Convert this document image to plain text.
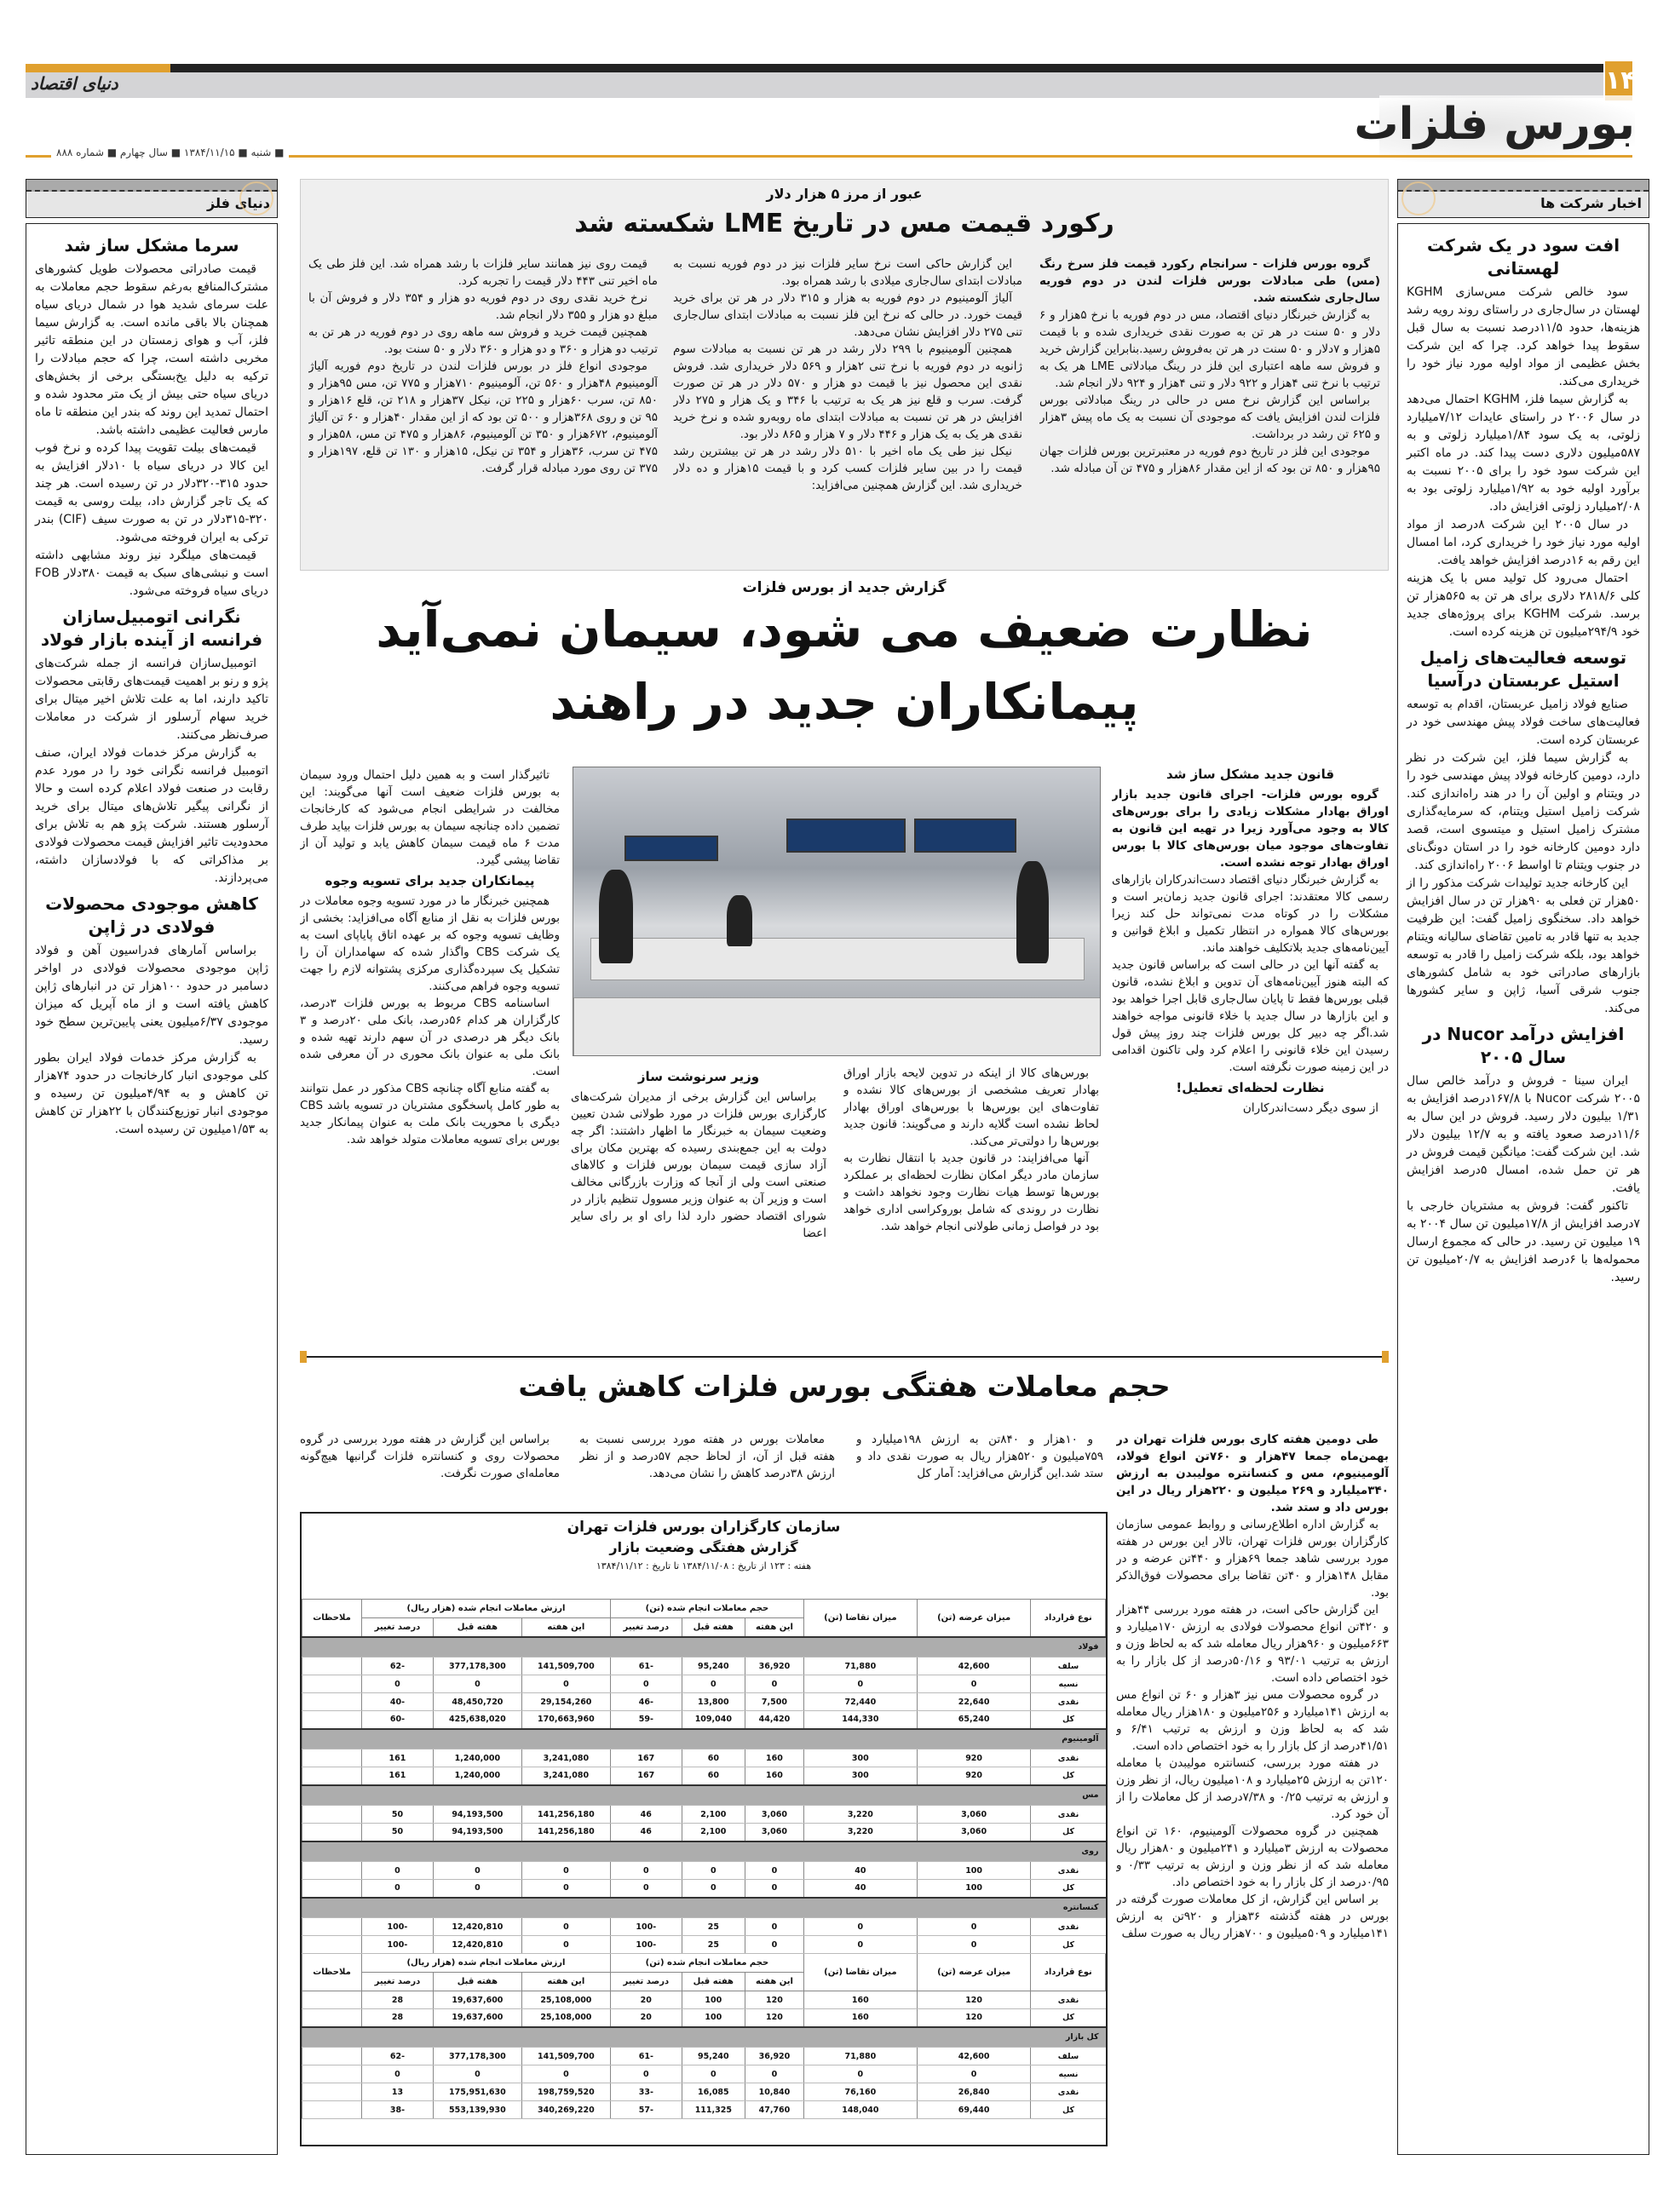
۱۴
دنیای اقتصاد
بورس فلزات
■ شنبه ■ ۱۳۸۴/۱۱/۱۵ ■ سال چهارم ■ شماره ۸۸۸
اخبار شرکت ها
افت سود در یک شرکت لهستانی

سود خالص شرکت مس‌سازی KGHM لهستان در سال‌جاری در راستای روند رویه رشد هزینه‌ها، حدود ۱۱/۵درصد نسبت به سال قبل سقوط پیدا خواهد کرد. چرا که این شرکت بخش عظیمی از مواد اولیه مورد نیاز خود را خریداری می‌کند.

به گزارش سیما فلز، KGHM احتمال می‌دهد در سال ۲۰۰۶ در راستای عایدات ۷/۱۲میلیارد زلوتی، به یک سود ۱/۸۴میلیارد زلوتی و به ۵۸۷میلیون دلاری دست پیدا کند. در ماه اکتبر این شرکت سود خود را برای ۲۰۰۵ نسبت به برآورد اولیه خود به ۱/۹۲میلیارد زلوتی بود به ۲/۰۸میلیارد زلوتی افزایش داد.

در سال ۲۰۰۵ این شرکت ۸درصد از مواد اولیه مورد نیاز خود را خریداری کرد، اما امسال این رقم به ۱۶درصد افزایش خواهد یافت.

احتمال می‌رود کل تولید مس با یک هزینه کلی ۲۸۱۸/۶ دلاری برای هر تن به ۵۶۵هزار تن برسد. شرکت KGHM برای پروژه‌های جدید خود ۲۹۴/۹میلیون تن هزینه کرده است.

توسعه فعالیت‌های زامیل استیل عربستان درآسیا

صنایع فولاد زامیل عربستان، اقدام به توسعه فعالیت‌های ساخت فولاد پیش مهندسی خود در عربستان کرده است.

به گزارش سیما فلز، این شرکت در نظر دارد، دومین کارخانه فولاد پیش مهندسی خود را در ویتنام و اولین آن را در هند راه‌اندازی کند. شرکت زامیل استیل ویتنام، که سرمایه‌گذاری مشترک زامیل استیل و میتسوی است، قصد دارد دومین کارخانه خود را در استان دونگ‌نای در جنوب ویتنام تا اواسط ۲۰۰۶ راه‌اندازی کند.

این کارخانه جدید تولیدات شرکت مذکور را از ۵۰هزار تن فعلی به ۹۰هزار تن در سال افزایش خواهد داد. سخنگوی زامیل گفت: این ظرفیت جدید به تنها قادر به تامین تقاضای ساليانه ويتنام خواهد بود، بلکه شرکت زامیل را قادر به توسعه بازارهای صادراتی خود به شامل کشورهای جنوب شرقی آسیا، ژاپن و سایر کشورها می‌کند.

افزایش درآمد Nucor در سال ۲۰۰۵

ایران سینا - فروش و درآمد خالص سال ۲۰۰۵ شرکت Nucor با ۱۶۷/۸درصد افزایش به ۱/۳۱ بیلیون دلار رسید. فروش در این سال به ۱۱/۶درصد صعود یافته و به ۱۲/۷ بیلیون دلار شد. این شرکت گفت: میانگین قیمت فروش در هر تن حمل شده، امسال ۵درصد افزایش یافت.

تاکنور گفت: فروش به مشتریان خارجی با ۷درصد افزایش از ۱۷/۸میلیون تن سال ۲۰۰۴ به ۱۹ میلیون تن رسید. در حالی که مجموع ارسال محموله‌ها با ۶درصد افزایش به ۲۰/۷میلیون تن رسید.

دنیای فلز
سرما مشکل ساز شد

قیمت صادراتی محصولات طویل کشورهای مشترک‌المنافع به‌رغم سقوط حجم معاملات به علت سرمای شدید هوا در شمال دریای سیاه همچنان بالا باقی مانده است. به گزارش سیما فلز، آب و هوای زمستان در این منطقه تاثیر مخربی داشته است، چرا که حجم مبادلات را ترکیه به دلیل یخ‌بستگی برخی از بخش‌های دریای سیاه حتی بیش از یک متر محدود شده و احتمال تمدید این روند که بندر این منطقه تا ماه مارس فعالیت عظیمی داشته باشد.

قیمت‌های بیلت تقویت پیدا کرده و نرخ فوب این کالا در دریای سیاه با ۱۰دلار افزایش به حدود ۳۱۵-۳۲۰دلار در تن رسیده است. هر چند که یک تاجر گزارش داد، بیلت روسی به قیمت ۳۲۰-۳۱۵دلار در تن به صورت سیف (CIF) بندر ترکی به ایران فروخته می‌شود.

قیمت‌های میلگرد نیز روند مشابهی داشته است و نبشی‌های سبک به قیمت ۳۸۰دلار FOB دریای سیاه فروخته می‌شود.

نگرانی اتومبیل‌سازان فرانسه از آینده بازار فولاد

اتومبیل‌سازان فرانسه از جمله شرکت‌های پژو و رنو بر اهمیت قیمت‌های رقابتی محصولات تاکید دارند، اما به علت تلاش اخیر میتال برای خرید سهام آرسلور از شرکت در معاملات صرف‌نظر می‌کنند.

به گزارش مرکز خدمات فولاد ایران، صنف اتومبیل فرانسه نگرانی خود را در مورد عدم رقابت در صنعت فولاد اعلام کرده است و حالا از نگرانی پیگیر تلاش‌های میتال برای خرید آرسلور هستند. شرکت پژو هم به تلاش برای محدودیت تاثیر افزایش قیمت محصولات فولادی بر مذاکراتی که با فولادسازان داشته، می‌پردازند.

کاهش موجودی محصولات فولادی در ژاپن

براساس آمارهای فدراسیون آهن و فولاد ژاپن موجودی محصولات فولادی در اواخر دسامبر در حدود ۱۰۰هزار تن در انبارهای ژاپن کاهش یافته است و از ماه آپریل که میزان موجودی ۶/۳۷میلیون یعنی پایین‌ترین سطح خود رسید.

به گزارش مرکز خدمات فولاد ایران بطور کلی موجودی انبار کارخانجات در حدود ۷۴هزار تن کاهش و به ۴/۹۴میلیون تن رسیده و موجودی انبار توزیع‌کنندگان با ۲۲هزار تن کاهش به ۱/۵۳میلیون تن رسیده است.

عبور از مرز ۵ هزار دلار
رکورد قیمت مس در تاریخ LME شکسته شد

گروه بورس فلزات - سرانجام رکورد قیمت فلز سرخ رنگ (مس) طی مبادلات بورس فلزات لندن در دوم فوریه سال‌جاری شکسته شد.

به گزارش خبرنگار دنیای اقتصاد، مس در دوم فوریه با نرخ ۵هزار و ۶ دلار و ۵۰ سنت در هر تن به صورت نقدی خریداری شده و با قیمت ۵هزار و ۷دلار و ۵۰ سنت در هر تن به‌فروش رسید.بنابراین گزارش خرید و فروش سه ماهه اعتباری این فلز در رینگ مبادلاتی LME هر یک به ترتیب با نرخ تنی ۴هزار و ۹۲۲ دلار و تنی ۴هزار و ۹۲۴ دلار انجام شد.

براساس این گزارش نرخ مس در حالی در رینگ مبادلاتی بورس فلزات لندن افزایش یافت که موجودی آن نسبت به یک ماه پیش ۳هزار و ۶۲۵ تن رشد در برداشت.

موجودی این فلز در تاریخ دوم فوریه در معتبرترین بورس فلزات جهان ۹۵هزار و ۸۵۰ تن بود که از این مقدار ۸۶هزار و ۴۷۵ تن آن مبادله شد.

این گزارش حاکی است نرخ سایر فلزات نیز در دوم فوریه نسبت به مبادلات ابتدای سال‌جاری میلادی با رشد همراه بود.

آلیاژ آلومینیوم در دوم فوریه به هزار و ۳۱۵ دلار در هر تن برای خرید قیمت خورد. در حالی که نرخ این فلز نسبت به مبادلات ابتدای سال‌جاری تنی ۲۷۵ دلار افزایش نشان می‌دهد.

همچنین آلومینیوم با ۲۹۹ دلار رشد در هر تن نسبت به مبادلات سوم ژانویه در دوم فوریه با نرخ تنی ۲هزار و ۵۶۹ دلار خریداری شد. فروش نقدی این محصول نیز با قیمت دو هزار و ۵۷۰ دلار در هر تن صورت گرفت. سرب و قلع نیز هر یک به ترتیب با ۳۴۶ و یک هزار و ۲۷۵ دلار افزایش در هر تن نسبت به مبادلات ابتدای ماه روبه‌رو شده و نرخ خرید نقدی هر یک به یک هزار و ۴۴۶ دلار و ۷ هزار و ۸۶۵ دلار بود.

نیکل نیز طی یک ماه اخیر با ۵۱۰ دلار رشد در هر تن بیشترین رشد قیمت را در بین سایر فلزات کسب کرد و با قیمت ۱۵هزار و ده دلار خریداری شد. این گزارش همچنین می‌افزاید:

قیمت روی نیز همانند سایر فلزات با رشد همراه شد. این فلز طی یک ماه اخیر تنی ۴۴۳ دلار قیمت را تجربه کرد.

نرخ خرید نقدی روی در دوم فوریه دو هزار و ۳۵۴ دلار و فروش آن با مبلغ دو هزار و ۳۵۵ دلار انجام شد.

همچنین قیمت خرید و فروش سه ماهه روی در دوم فوریه در هر تن به ترتیب دو هزار و ۳۶۰ و دو هزار و ۳۶۰ دلار و ۵۰ سنت بود.

موجودی انواع فلز در بورس فلزات لندن در تاریخ دوم فوریه آلیاژ آلومینیوم ۴۸هزار و ۵۶۰ تن، آلومینیوم ۷۱۰هزار و ۷۷۵ تن، مس ۹۵هزار و ۸۵۰ تن، سرب ۶۰هزار و ۲۲۵ تن، نیکل ۳۷هزار و ۲۱۸ تن، قلع ۱۶هزار و ۹۵ تن و روی ۳۶۸هزار و ۵۰۰ تن بود که از این مقدار ۴۰هزار و ۶۰ تن آلیاژ آلومینیوم، ۶۷۲هزار و ۳۵۰ تن آلومینیوم، ۸۶هزار و ۴۷۵ تن مس، ۵۸هزار و ۴۷۵ تن سرب، ۳۶هزار و ۳۵۴ تن نیکل، ۱۵هزار و ۱۳۰ تن قلع، ۱۹۷هزار و ۳۷۵ تن روی مورد مبادله قرار گرفت.

گزارش جدید از بورس فلزات
نظارت ضعیف می شود، سیمان نمی‌آید
پیمانکاران جدید در راهند
قانون جدید مشکل ساز شد

گروه بورس فلزات- اجرای قانون جدید بازار اوراق بهادار مشکلات زیادی را برای بورس‌های کالا به وجود می‌آورد زیرا در تهیه این قانون به تفاوت‌های موجود میان بورس‌های کالا با بورس اوراق بهادار توجه نشده است.

به گزارش خبرنگار دنیای اقتصاد دست‌اندرکاران بازارهای رسمی کالا معتقدند: اجرای قانون جدید زمان‌بر است و مشکلات را در کوتاه مدت نمی‌تواند حل کند زیرا بورس‌های کالا همواره در انتظار تکمیل و ابلاغ قوانین و آیین‌نامه‌های جدید بلاتکلیف خواهند ماند.

به گفته آنها این در حالی است که براساس قانون جدید که البته هنوز آیین‌نامه‌های آن تدوین و ابلاغ نشده، قانون قبلی بورس‌ها فقط تا پایان سال‌جاری قابل اجرا خواهد بود و این بازارها در سال جدید با خلاء قانونی مواجه خواهند شد.اگر چه دبیر کل بورس فلزات چند روز پیش قول رسیدن این خلاء قانونی را اعلام کرد ولی تاکنون اقدامی در این زمینه صورت نگرفته است.

نظارت لحظه‌ای تعطیل!

از سوی دیگر دست‌اندرکاران

بورس‌های کالا از اینکه در تدوین لایحه بازار اوراق بهادار تعریف مشخصی از بورس‌های کالا نشده و تفاوت‌های این بورس‌ها با بورس‌های اوراق بهادار لحاظ نشده است گلایه دارند و می‌گویند: قانون جدید بورس‌ها را دولتی‌تر می‌کند.

آنها می‌افزایند: در قانون جدید با انتقال نظارت به سازمان مادر دیگر امکان نظارت لحظه‌ای بر عملکرد بورس‌ها توسط هیات نظارت وجود نخواهد داشت و نظارت در روندی که شامل بوروکراسی اداری خواهد بود در فواصل زمانی طولانی انجام خواهد شد.

وزیر سرنوشت ساز

براساس این گزارش برخی از مدیران شرکت‌های کارگزاری بورس فلزات در مورد طولانی شدن تعیین وضعیت سیمان به خبرنگار ما اظهار داشتند: اگر چه دولت به این جمع‌بندی رسیده که بهترین مکان برای آزاد سازی قیمت سیمان بورس فلزات و کالاهای صنعتی است ولی از آنجا که وزارت بازرگانی مخالف است و وزیر آن به عنوان وزیر مسوول تنظیم بازار در شورای اقتصاد حضور دارد لذا رای او بر رای سایر اعضا

تاثیرگذار است و به همین دلیل احتمال ورود سیمان به بورس فلزات ضعیف است آنها می‌گویند: این مخالفت در شرایطی انجام می‌شود که کارخانجات تضمین داده چنانچه سیمان به بورس فلزات بیاید طرف مدت ۶ ماه قیمت سیمان کاهش یابد و تولید آن از تقاضا پیشی گیرد.

پیمانکاران جدید برای تسویه وجوه

همچنین خبرنگار ما در مورد تسویه وجوه معاملات در بورس فلزات به نقل از منابع آگاه می‌افزاید: بخشی از وظایف تسویه وجوه که بر عهده اتاق پایاپای است به یک شرکت CBS واگذار شده که سهامداران آن را تشکیل یک سپرده‌گذاری مرکزی پشتوانه لازم را جهت تسویه وجوه فراهم می‌کنند.

اساسنامه CBS مربوط به بورس فلزات ۳درصد، کارگزاران هر کدام ۵۶درصد، بانک ملی ۲۰درصد و ۳ بانک دیگر هر درصدی در آن سهم دارند تهیه شده و بانک ملی به عنوان بانک محوری در آن معرفی شده است.

به گفته منابع آگاه چنانچه CBS مذکور در عمل نتوانند به طور کامل پاسخگوی مشتریان در تسویه باشد CBS دیگری با محوریت بانک ملت به عنوان پیمانکار جدید بورس برای تسویه معاملات متولد خواهد شد.

حجم معاملات هفتگی بورس فلزات کاهش یافت

طی دومین هفته کاری بورس فلزات تهران در بهمن‌ماه جمعا ۴۷هزار و ۷۶۰تن انواع فولاد، آلومینیوم، مس و کنسانتره مولیبدن به ارزش ۳۴۰میلیارد و ۲۶۹ میلیون و ۲۲۰هزار ریال در این بورس داد و ستد شد.

به گزارش اداره اطلاع‌رسانی و روابط عمومی سازمان کارگزاران بورس فلزات تهران، تالار این بورس در هفته مورد بررسی شاهد جمعا ۶۹هزار و ۴۴۰تن عرضه و در مقابل ۱۴۸هزار و ۴۰تن تقاضا برای محصولات فوق‌الذکر بود.

این گزارش حاکی است، در هفته مورد بررسی ۴۴هزار و ۴۲۰تن انواع محصولات فولادی به ارزش ۱۷۰میلیارد و ۶۶۳میلیون و ۹۶۰هزار ریال معامله شد که به لحاظ وزن و ارزش به ترتیب ۹۳/۰۱ و ۵۰/۱۶درصد از کل بازار را به خود اختصاص داده است.

در گروه محصولات مس نیز ۳هزار و ۶۰ تن انواع مس به ارزش ۱۴۱میلیارد و ۲۵۶میلیون و ۱۸۰هزار ریال معامله شد که به لحاظ وزن و ارزش به ترتیب ۶/۴۱ و ۴۱/۵۱درصد از کل بازار را به خود اختصاص داده است.

در هفته مورد بررسی، کنسانتره مولیبدن با معامله ۱۲۰تن به ارزش ۲۵میلیارد و ۱۰۸میلیون ریال، از نظر وزن و ارزش به ترتیب ۰/۲۵ و ۷/۳۸درصد از کل معاملات را از آن خود کرد.

همچنین در گروه محصولات آلومینیوم، ۱۶۰ تن انواع محصولات به ارزش ۳میلیارد و ۲۴۱میلیون و ۸۰هزار ریال معامله شد که از نظر وزن و ارزش به ترتیب ۰/۳۳ و ۰/۹۵درصد از کل بازار را به خود اختصاص داد.

بر اساس این گزارش، از کل معاملات صورت گرفته در بورس در هفته گذشته ۳۶هزار و ۹۲۰تن به ارزش ۱۴۱میلیارد و ۵۰۹میلیون و ۷۰۰هزار ریال به صورت سلف

و ۱۰هزار و ۸۴۰تن به ارزش ۱۹۸میلیارد و ۷۵۹میلیون و ۵۲۰هزار ریال به صورت نقدی داد و ستد شد.این گزارش می‌افزاید: آمار کل

معاملات بورس در هفته مورد بررسی نسبت به هفته قبل از آن، از لحاظ حجم ۵۷درصد و از نظر ارزش ۳۸درصد کاهش را نشان می‌دهد.

براساس این گزارش در هفته مورد بررسی در گروه محصولات روی و کنسانتره فلزات گرانبها هیچ‌گونه معامله‌ای صورت نگرفت.

سازمان کارگزاران بورس فلزات تهران
گزارش هفتگی وضعیت بازار
هفته : ۱۲۳ از تاریخ : ۱۳۸۴/۱۱/۰۸ تا تاریخ : ۱۳۸۴/۱۱/۱۲
نوع قرارداد	میزان عرضه (تن)	میزان تقاضا (تن)	حجم معاملات انجام شده (تن)			ارزش معاملات انجام شده (هزار ریال)			ملاحظات
			این هفته	هفته قبل	درصد تغییر	این هفته	هفته قبل	درصد تغییر	
فولاد									
سلف	42,600	71,880	36,920	95,240	-61	141,509,700	377,178,300	-62	
نسیه	0	0	0	0	0	0	0	0	
نقدی	22,640	72,440	7,500	13,800	-46	29,154,260	48,450,720	-40	
کل	65,240	144,330	44,420	109,040	-59	170,663,960	425,638,020	-60	
آلومینیوم									
نقدی	920	300	160	60	167	3,241,080	1,240,000	161	
کل	920	300	160	60	167	3,241,080	1,240,000	161	
مس									
نقدی	3,060	3,220	3,060	2,100	46	141,256,180	94,193,500	50	
کل	3,060	3,220	3,060	2,100	46	141,256,180	94,193,500	50	
روی									
نقدی	100	40	0	0	0	0	0	0	
کل	100	40	0	0	0	0	0	0	
کنسانتره									
نقدی	0	0	0	25	-100	0	12,420,810	-100	
کل	0	0	0	25	-100	0	12,420,810	-100	
نوع قرارداد	میزان عرضه (تن)	میزان تقاضا (تن)	حجم معاملات انجام شده (تن)			ارزش معاملات انجام شده (هزار ریال)			ملاحظات
			این هفته	هفته قبل	درصد تغییر	این هفته	هفته قبل	درصد تغییر	
نقدی	120	160	120	100	20	25,108,000	19,637,600	28	
کل	120	160	120	100	20	25,108,000	19,637,600	28	
کل بازار									
سلف	42,600	71,880	36,920	95,240	-61	141,509,700	377,178,300	-62	
نسیه	0	0	0	0	0	0	0	0	
نقدی	26,840	76,160	10,840	16,085	-33	198,759,520	175,951,630	13	
کل	69,440	148,040	47,760	111,325	-57	340,269,220	553,139,930	-38	
